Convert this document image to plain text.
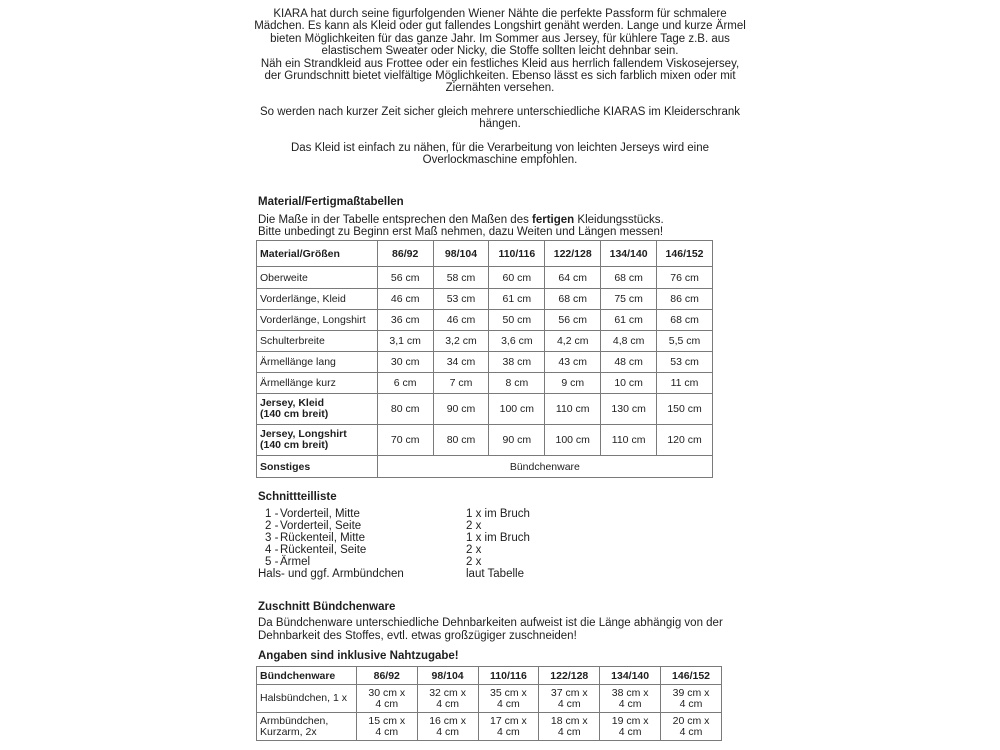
KIARA hat durch seine figurfolgenden Wiener Nähte die perfekte Passform für schmalere
Mädchen. Es kann als Kleid oder gut fallendes Longshirt genäht werden. Lange und kurze Ärmel
bieten Möglichkeiten für das ganze Jahr. Im Sommer aus Jersey, für kühlere Tage z.B. aus
elastischem Sweater oder Nicky, die Stoffe sollten leicht dehnbar sein.
Näh ein Strandkleid aus Frottee oder ein festliches Kleid aus herrlich fallendem Viskosejersey,
der Grundschnitt bietet vielfältige Möglichkeiten. Ebenso lässt es sich farblich mixen oder mit
Ziernähten versehen.

So werden nach kurzer Zeit sicher gleich mehrere unterschiedliche KIARAS im Kleiderschrank
hängen.

Das Kleid ist einfach zu nähen, für die Verarbeitung von leichten Jerseys wird eine
Overlockmaschine empfohlen.

Material/Fertigmaßtabellen

Die Maße in der Tabelle entsprechen den Maßen des fertigen Kleidungsstücks.

Bitte unbedingt zu Beginn erst Maß nehmen, dazu Weiten und Längen messen!

Material/Größen	86/92	98/104	110/116	122/128	134/140	146/152
Oberweite	56 cm	58 cm	60 cm	64 cm	68 cm	76 cm
Vorderlänge, Kleid	46 cm	53 cm	61 cm	68 cm	75 cm	86 cm
Vorderlänge, Longshirt	36 cm	46 cm	50 cm	56 cm	61 cm	68 cm
Schulterbreite	3,1 cm	3,2 cm	3,6 cm	4,2 cm	4,8 cm	5,5 cm
Ärmellänge lang	30 cm	34 cm	38 cm	43 cm	48 cm	53 cm
Ärmellänge kurz	6 cm	7 cm	8 cm	9 cm	10 cm	11 cm
Jersey, Kleid
(140 cm breit)	80 cm	90 cm	100 cm	110 cm	130 cm	150 cm
Jersey, Longshirt
(140 cm breit)	70 cm	80 cm	90 cm	100 cm	110 cm	120 cm
Sonstiges	Bündchenware					
Schnittteilliste
1 - Vorderteil, Mitte	1 x im Bruch
2 - Vorderteil, Seite	2 x
3 - Rückenteil, Mitte	1 x im Bruch
4 - Rückenteil, Seite	2 x
5 - Ärmel	2 x
Hals- und ggf. Armbündchen	laut Tabelle
Zuschnitt Bündchenware

Da Bündchenware unterschiedliche Dehnbarkeiten aufweist ist die Länge abhängig von der
Dehnbarkeit des Stoffes, evtl. etwas großzügiger zuschneiden!

Angaben sind inklusive Nahtzugabe!
Bündchenware	86/92	98/104	110/116	122/128	134/140	146/152
Halsbündchen, 1 x	30 cm x
4 cm	32 cm x
4 cm	35 cm x
4 cm	37 cm x
4 cm	38 cm x
4 cm	39 cm x
4 cm
Armbündchen,
Kurzarm, 2x	15 cm x
4 cm	16 cm x
4 cm	17 cm x
4 cm	18 cm x
4 cm	19 cm x
4 cm	20 cm x
4 cm
